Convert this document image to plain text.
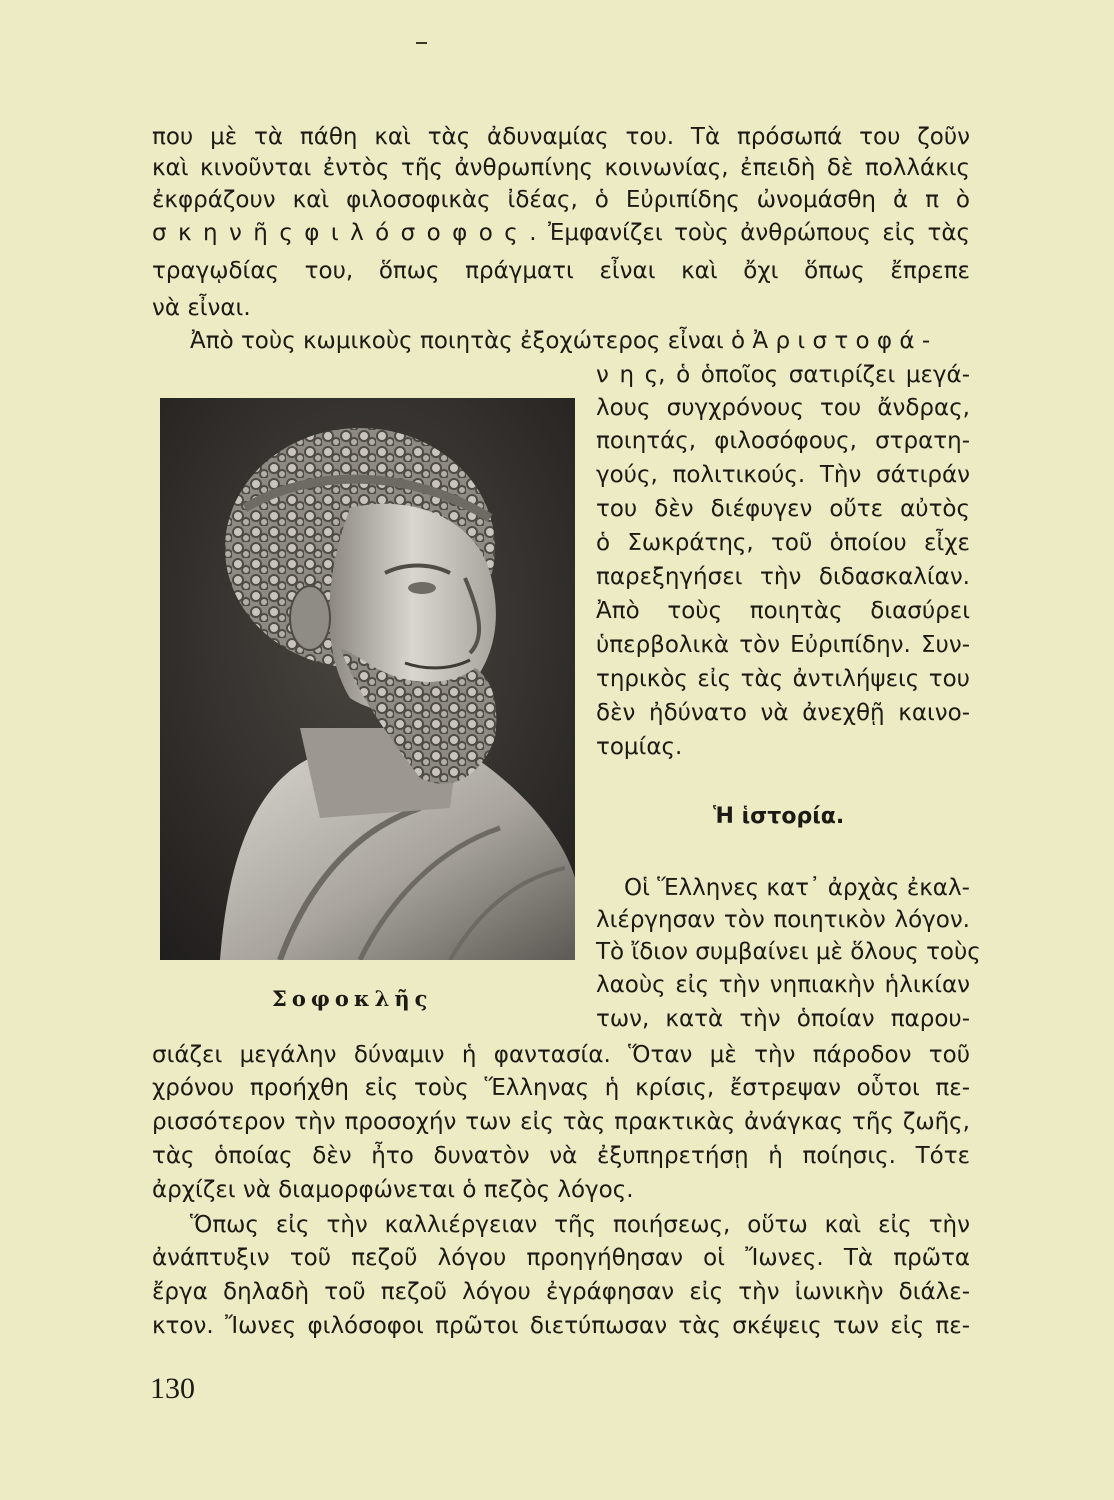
που μὲ τὰ πάθη καὶ τὰς ἀδυναμίας του. Τὰ πρόσωπά του ζοῦν
καὶ κινοῦνται ἐντὸς τῆς ἀνθρωπίνης κοινωνίας, ἐπειδὴ δὲ πολλάκις
ἐκφράζουν καὶ φιλοσοφικὰς ἰδέας, ὁ Εὐριπίδης ὠνομάσθη ἀ π ὸ
σ κ η ν ῆ ς φ ι λ ό σ ο φ ο ς . Ἐμφανίζει τοὺς ἀνθρώπους εἰς τὰς
τραγῳδίας του, ὅπως πράγματι εἶναι καὶ ὄχι ὅπως ἔπρεπε
νὰ εἶναι.
Ἀπὸ τοὺς κωμικοὺς ποιητὰς ἐξοχώτερος εἶναι ὁ Ἀ ρ ι σ τ ο φ ά -
ν η ς, ὁ ὁποῖος σατιρίζει μεγά-
λους συγχρόνους του ἄνδρας,
ποιητάς, φιλοσόφους, στρατη-
γούς, πολιτικούς. Τὴν σάτιράν
του δὲν διέφυγεν οὔτε αὐτὸς
ὁ Σωκράτης, τοῦ ὁποίου εἶχε
παρεξηγήσει τὴν διδασκαλίαν.
Ἀπὸ τοὺς ποιητὰς διασύρει
ὑπερβολικὰ τὸν Εὐριπίδην. Συν-
τηρικὸς εἰς τὰς ἀντιλήψεις του
δὲν ἠδύνατο νὰ ἀνεχθῇ καινο-
τομίας.
Ἡ ἱστορία.
Οἱ Ἕλληνες κατ᾽ ἀρχὰς ἐκαλ-
λιέργησαν τὸν ποιητικὸν λόγον.
Τὸ ἴδιον συμβαίνει μὲ ὅλους τοὺς
λαοὺς εἰς τὴν νηπιακὴν ἡλικίαν
των, κατὰ τὴν ὁποίαν παρου-
σιάζει μεγάλην δύναμιν ἡ φαντασία. Ὅταν μὲ τὴν πάροδον τοῦ
χρόνου προήχθη εἰς τοὺς Ἕλληνας ἡ κρίσις, ἔστρεψαν οὗτοι πε-
ρισσότερον τὴν προσοχήν των εἰς τὰς πρακτικὰς ἀνάγκας τῆς ζωῆς,
τὰς ὁποίας δὲν ἦτο δυνατὸν νὰ ἐξυπηρετήσῃ ἡ ποίησις. Τότε
ἀρχίζει νὰ διαμορφώνεται ὁ πεζὸς λόγος.
Ὅπως εἰς τὴν καλλιέργειαν τῆς ποιήσεως, οὕτω καὶ εἰς τὴν
ἀνάπτυξιν τοῦ πεζοῦ λόγου προηγήθησαν οἱ Ἴωνες. Τὰ πρῶτα
ἔργα δηλαδὴ τοῦ πεζοῦ λόγου ἐγράφησαν εἰς τὴν ἰωνικὴν διάλε-
κτον. Ἴωνες φιλόσοφοι πρῶτοι διετύπωσαν τὰς σκέψεις των εἰς πε-
Σοφοκλῆς
130
